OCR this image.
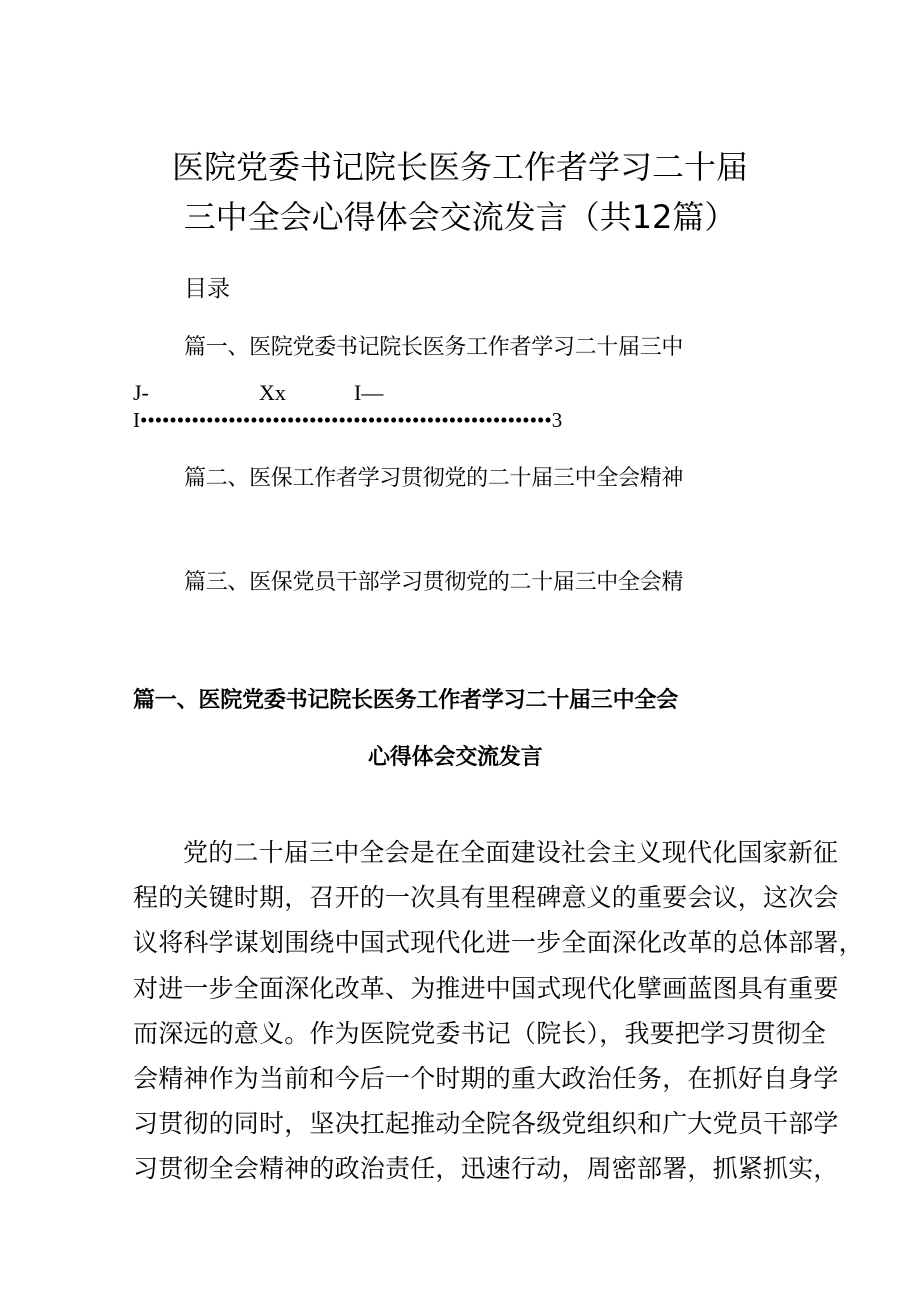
医院党委书记院长医务工作者学习二十届
三中全会心得体会交流发言（共12篇）
目录
篇一、医院党委书记院长医务工作者学习二十届三中
J-	Xx	I—
I••••••••••••••••••••••••••••••••••••••••••••••••••••••••3
篇二、医保工作者学习贯彻党的二十届三中全会精神
篇三、医保党员干部学习贯彻党的二十届三中全会精
篇一、医院党委书记院长医务工作者学习二十届三中全会
心得体会交流发言
党的二十届三中全会是在全面建设社会主义现代化国家新征
程的关键时期，召开的一次具有里程碑意义的重要会议，这次会
议将科学谋划围绕中国式现代化进一步全面深化改革的总体部署，
对进一步全面深化改革、为推进中国式现代化擘画蓝图具有重要
而深远的意义。作为医院党委书记（院长），我要把学习贯彻全
会精神作为当前和今后一个时期的重大政治任务，在抓好自身学
习贯彻的同时，坚决扛起推动全院各级党组织和广大党员干部学
习贯彻全会精神的政治责任，迅速行动，周密部署，抓紧抓实，
